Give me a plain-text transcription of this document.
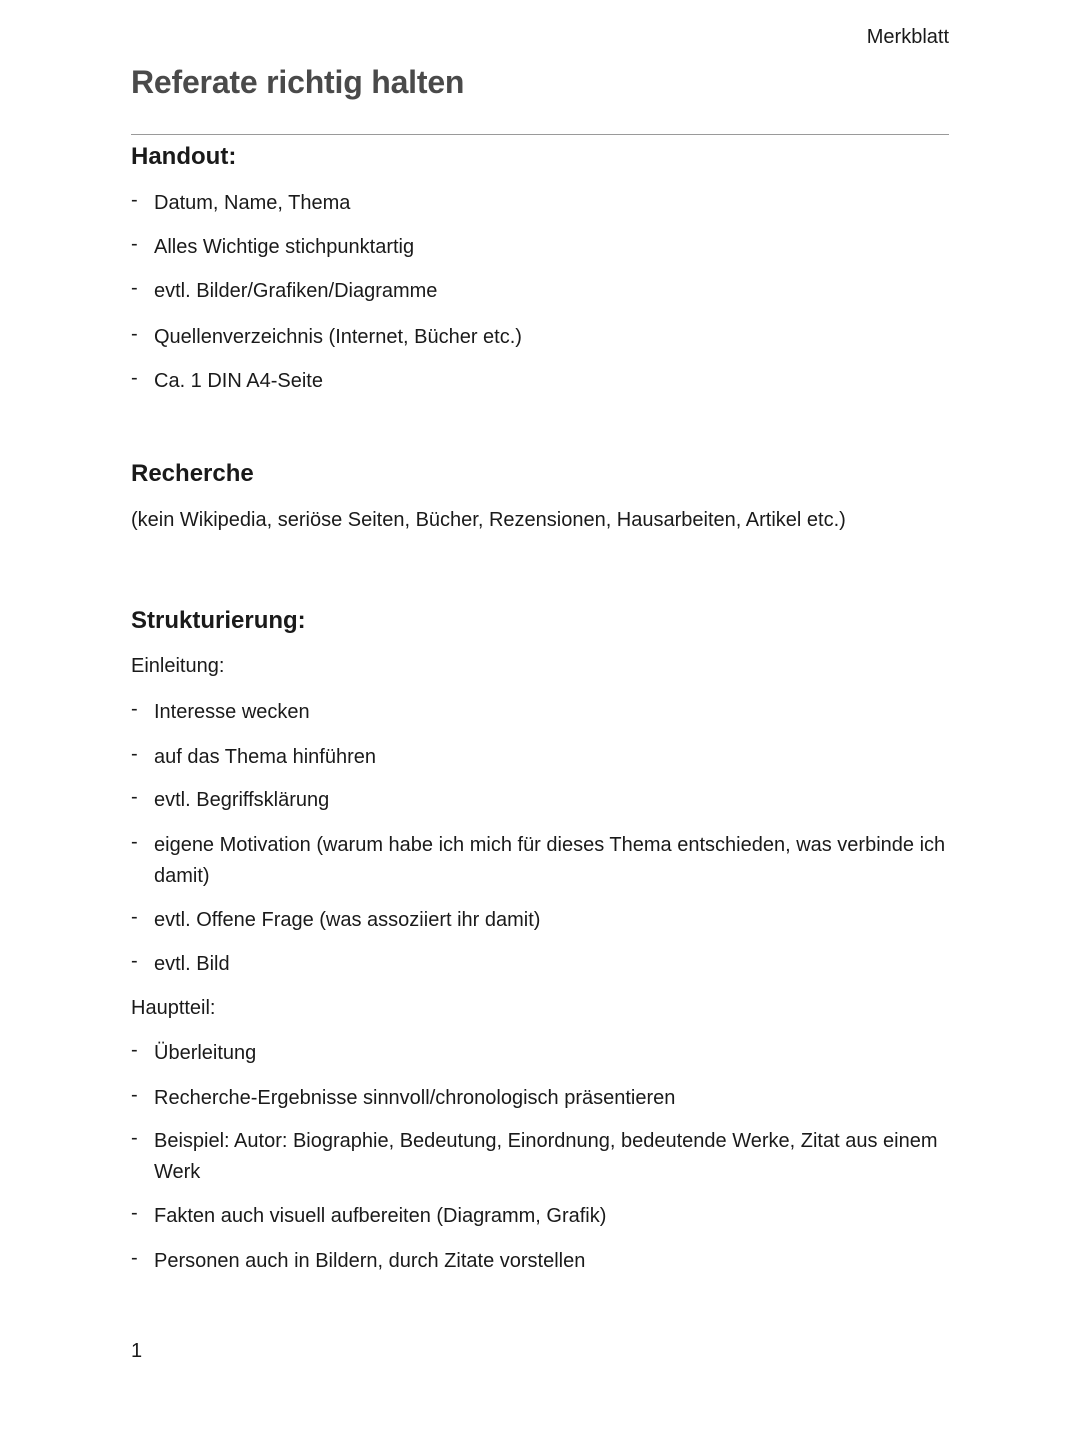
Merkblatt
Referate richtig halten
Handout:
- Datum, Name, Thema
- Alles Wichtige stichpunktartig
- evtl. Bilder/Grafiken/Diagramme
- Quellenverzeichnis (Internet, Bücher etc.)
- Ca. 1 DIN A4-Seite
Recherche

(kein Wikipedia, seriöse Seiten, Bücher, Rezensionen, Hausarbeiten, Artikel etc.)

Strukturierung:

Einleitung:

- Interesse wecken
- auf das Thema hinführen
- evtl. Begriffsklärung
- eigene Motivation (warum habe ich mich für dieses Thema entschieden, was verbinde ich damit)
- evtl. Offene Frage (was assoziiert ihr damit)
- evtl. Bild

Hauptteil:

- Überleitung
- Recherche-Ergebnisse sinnvoll/chronologisch präsentieren
- Beispiel: Autor: Biographie, Bedeutung, Einordnung, bedeutende Werke, Zitat aus einem Werk
- Fakten auch visuell aufbereiten (Diagramm, Grafik)
- Personen auch in Bildern, durch Zitate vorstellen
1
